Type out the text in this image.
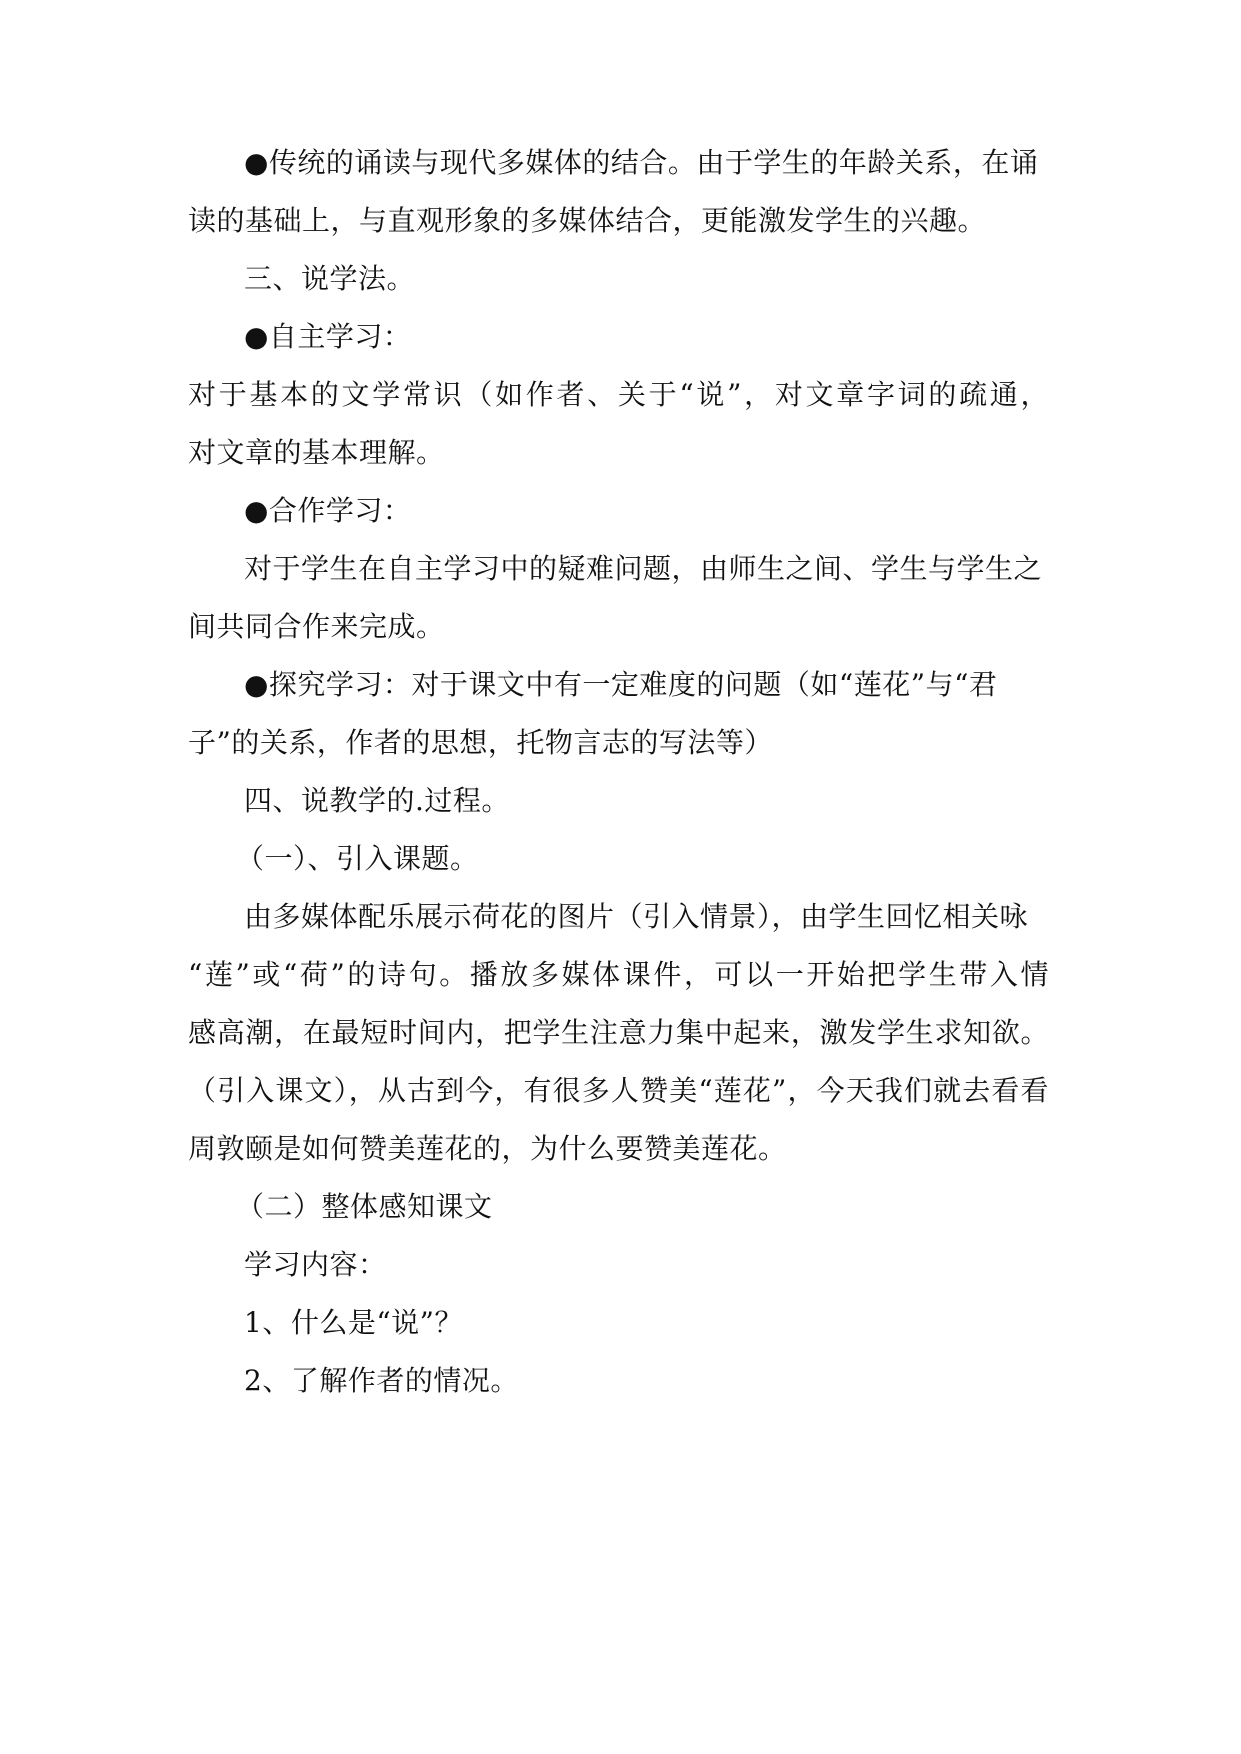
●传统的诵读与现代多媒体的结合。由于学生的年龄关系，在诵
读的基础上，与直观形象的多媒体结合，更能激发学生的兴趣。
三、说学法。
●自主学习：
对于基本的文学常识（如作者、关于“说”，对文章字词的疏通，
对文章的基本理解。
●合作学习：
对于学生在自主学习中的疑难问题，由师生之间、学生与学生之
间共同合作来完成。
●探究学习：对于课文中有一定难度的问题（如“莲花”与“君
子”的关系，作者的思想，托物言志的写法等）
四、说教学的.过程。
（一）、引入课题。
由多媒体配乐展示荷花的图片（引入情景），由学生回忆相关咏
“莲”或“荷”的诗句。播放多媒体课件，可以一开始把学生带入情
感高潮，在最短时间内，把学生注意力集中起来，激发学生求知欲。
（引入课文），从古到今，有很多人赞美“莲花”，今天我们就去看看
周敦颐是如何赞美莲花的，为什么要赞美莲花。
（二）整体感知课文
学习内容：
1、什么是“说”？
2、了解作者的情况。
